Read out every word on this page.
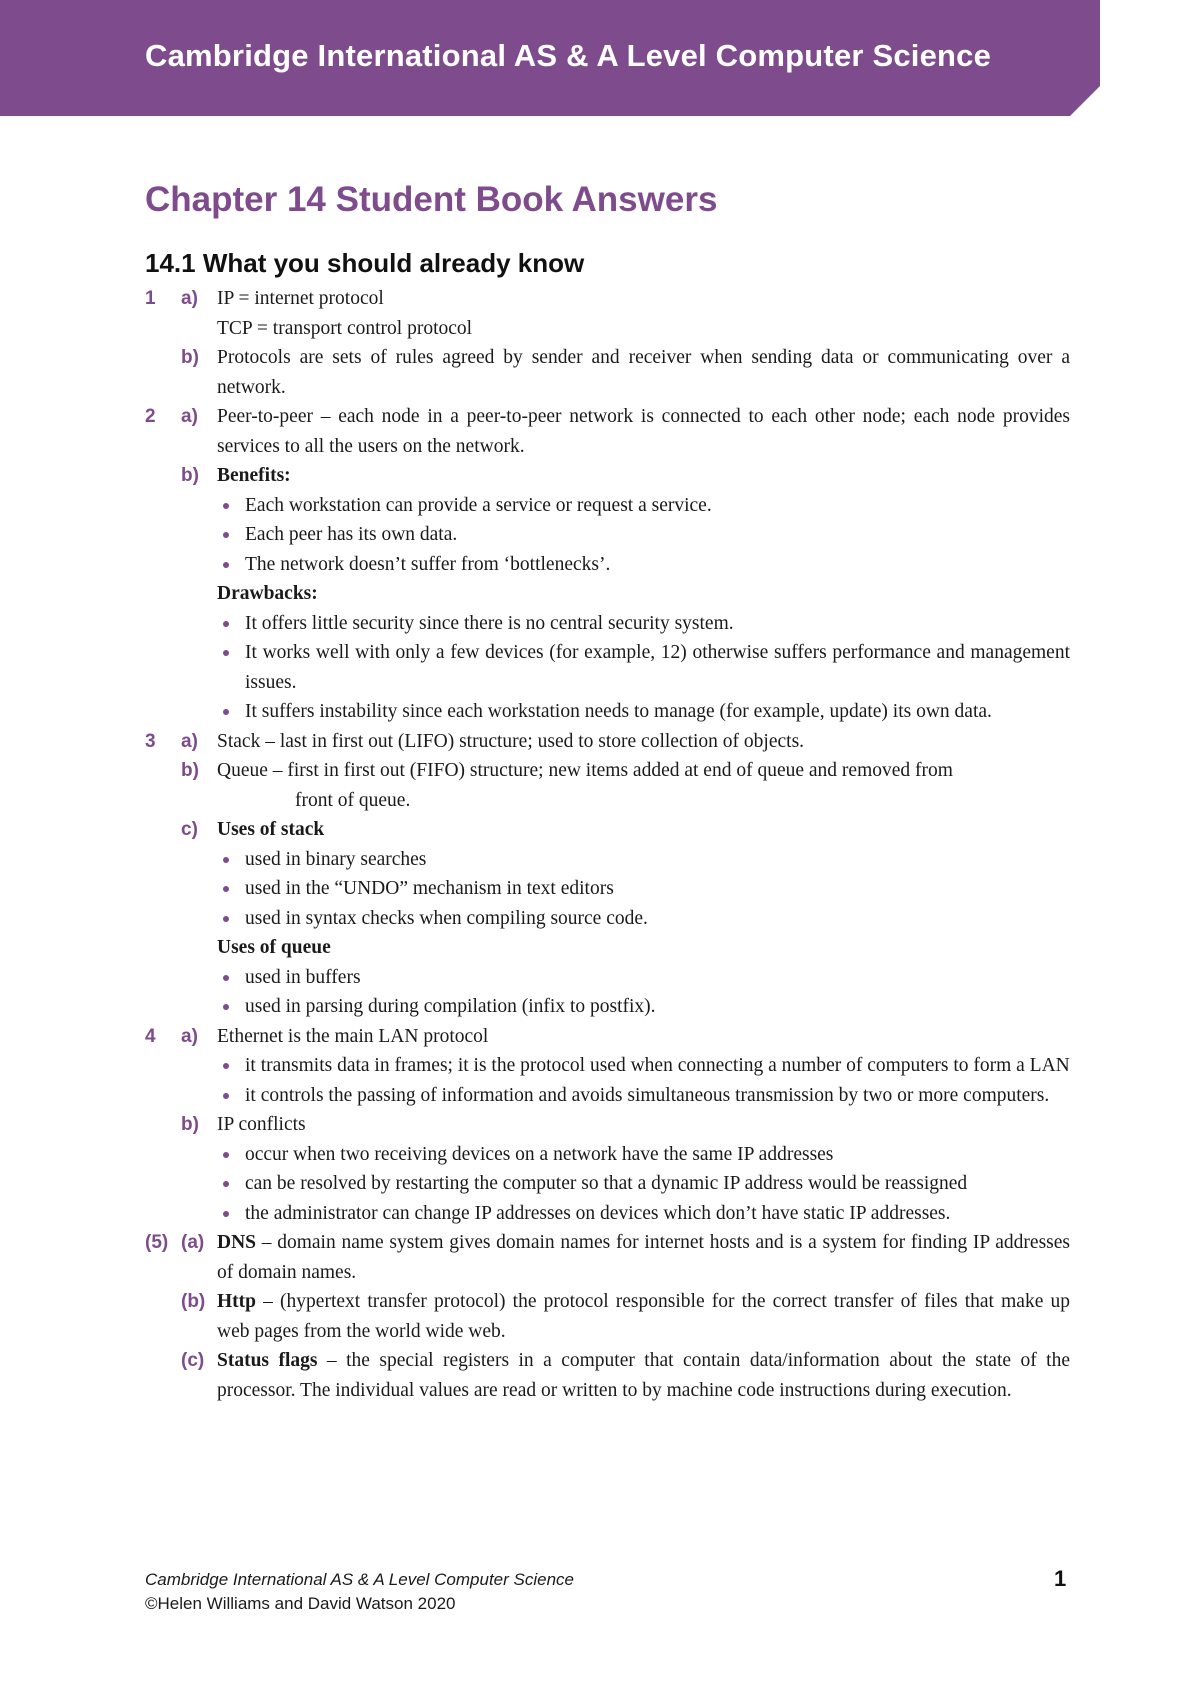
Cambridge International AS & A Level Computer Science
Chapter 14 Student Book Answers
14.1 What you should already know
1 a) IP = internet protocol
TCP = transport control protocol
b) Protocols are sets of rules agreed by sender and receiver when sending data or communicating over a network.
2 a) Peer-to-peer – each node in a peer-to-peer network is connected to each other node; each node provides services to all the users on the network.
b) Benefits:
Each workstation can provide a service or request a service.
Each peer has its own data.
The network doesn’t suffer from ‘bottlenecks’.
Drawbacks:
It offers little security since there is no central security system.
It works well with only a few devices (for example, 12) otherwise suffers performance and management issues.
It suffers instability since each workstation needs to manage (for example, update) its own data.
3 a) Stack – last in first out (LIFO) structure; used to store collection of objects.
b) Queue – first in first out (FIFO) structure; new items added at end of queue and removed from
front of queue.
c) Uses of stack
used in binary searches
used in the “UNDO” mechanism in text editors
used in syntax checks when compiling source code.
Uses of queue
used in buffers
used in parsing during compilation (infix to postfix).
4 a) Ethernet is the main LAN protocol
it transmits data in frames; it is the protocol used when connecting a number of computers to form a LAN
it controls the passing of information and avoids simultaneous transmission by two or more computers.
b) IP conflicts
occur when two receiving devices on a network have the same IP addresses
can be resolved by restarting the computer so that a dynamic IP address would be reassigned
the administrator can change IP addresses on devices which don’t have static IP addresses.
(5) (a) DNS – domain name system gives domain names for internet hosts and is a system for finding IP addresses of domain names.
(b) Http – (hypertext transfer protocol) the protocol responsible for the correct transfer of files that make up web pages from the world wide web.
(c) Status flags – the special registers in a computer that contain data/information about the state of the processor. The individual values are read or written to by machine code instructions during execution.
Cambridge International AS & A Level Computer Science
©Helen Williams and David Watson 2020
1
